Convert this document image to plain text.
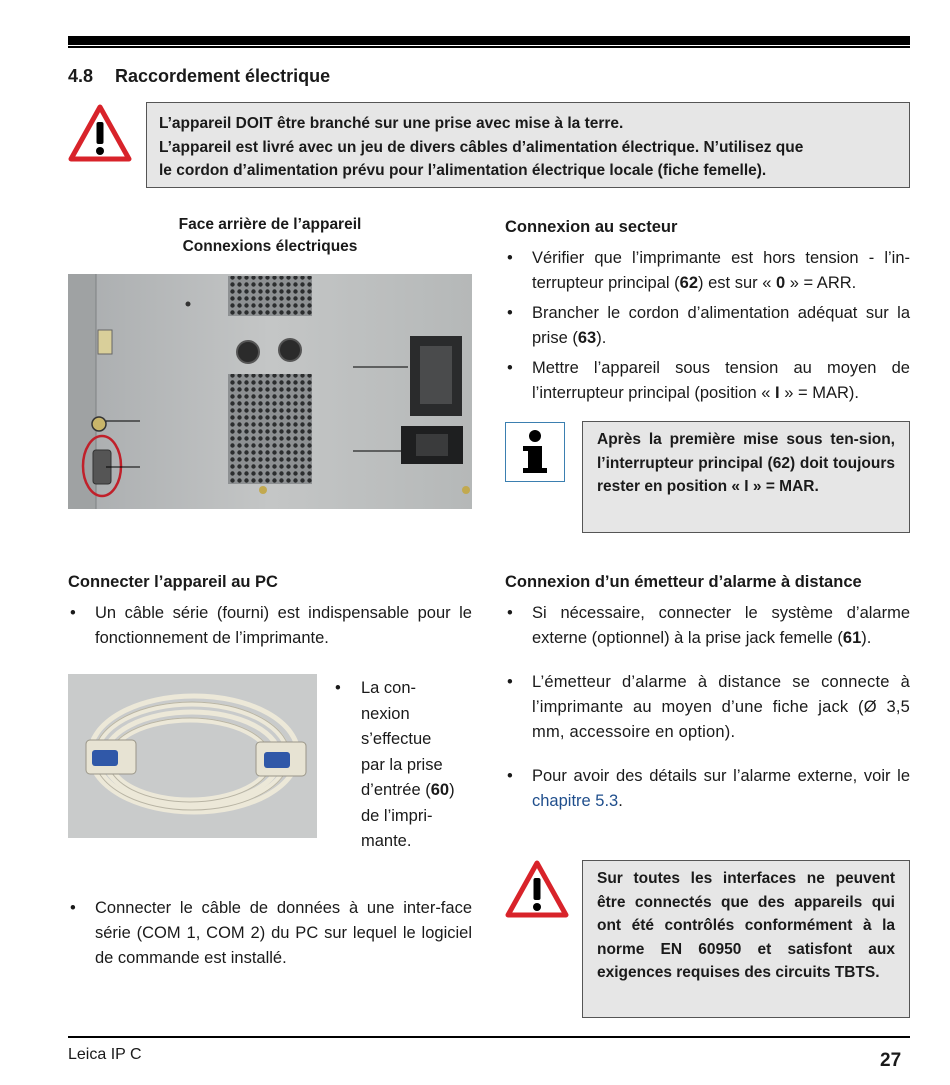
4.8 Raccordement électrique
L’appareil DOIT être branché sur une prise avec mise à la terre.
L’appareil est livré avec un jeu de divers câbles d’alimentation électrique. N’utilisez que
le cordon d’alimentation prévu pour l’alimentation électrique locale (fiche femelle).
Face arrière de l’appareil
Connexions électriques
Connexion au secteur
• Vérifier que l’imprimante est hors tension - l’in-terrupteur principal (62) est sur « 0 » = ARR.
• Brancher le cordon d’alimentation adéquat sur la prise (63).
• Mettre l’appareil sous tension au moyen de l’interrupteur principal (position « I » = MAR).
Après la première mise sous ten-sion, l’interrupteur principal (62) doit toujours rester en position « I » = MAR.
Connecter l’appareil au PC
• Un câble série (fourni) est indispensable pour le fonctionnement de l’imprimante.
• La con-
nexion
s’effectue
par la prise
d’entrée (60)
de l’impri-
mante.
• Connecter le câble de données à une inter-face série (COM 1, COM 2) du PC sur lequel le logiciel de commande est installé.
Connexion d’un émetteur d’alarme à distance
• Si nécessaire, connecter le système d’alarme externe (optionnel) à la prise jack femelle (61).
• L’émetteur d’alarme à distance se connecte à l’imprimante au moyen d’une fiche jack (Ø 3,5 mm, accessoire en option).
• Pour avoir des détails sur l’alarme externe, voir le chapitre 5.3.
Sur toutes les interfaces ne peuvent être connectés que des appareils qui ont été contrôlés conformément à la norme EN 60950 et satisfont aux exigences requises des circuits TBTS.
Leica IP C	27
